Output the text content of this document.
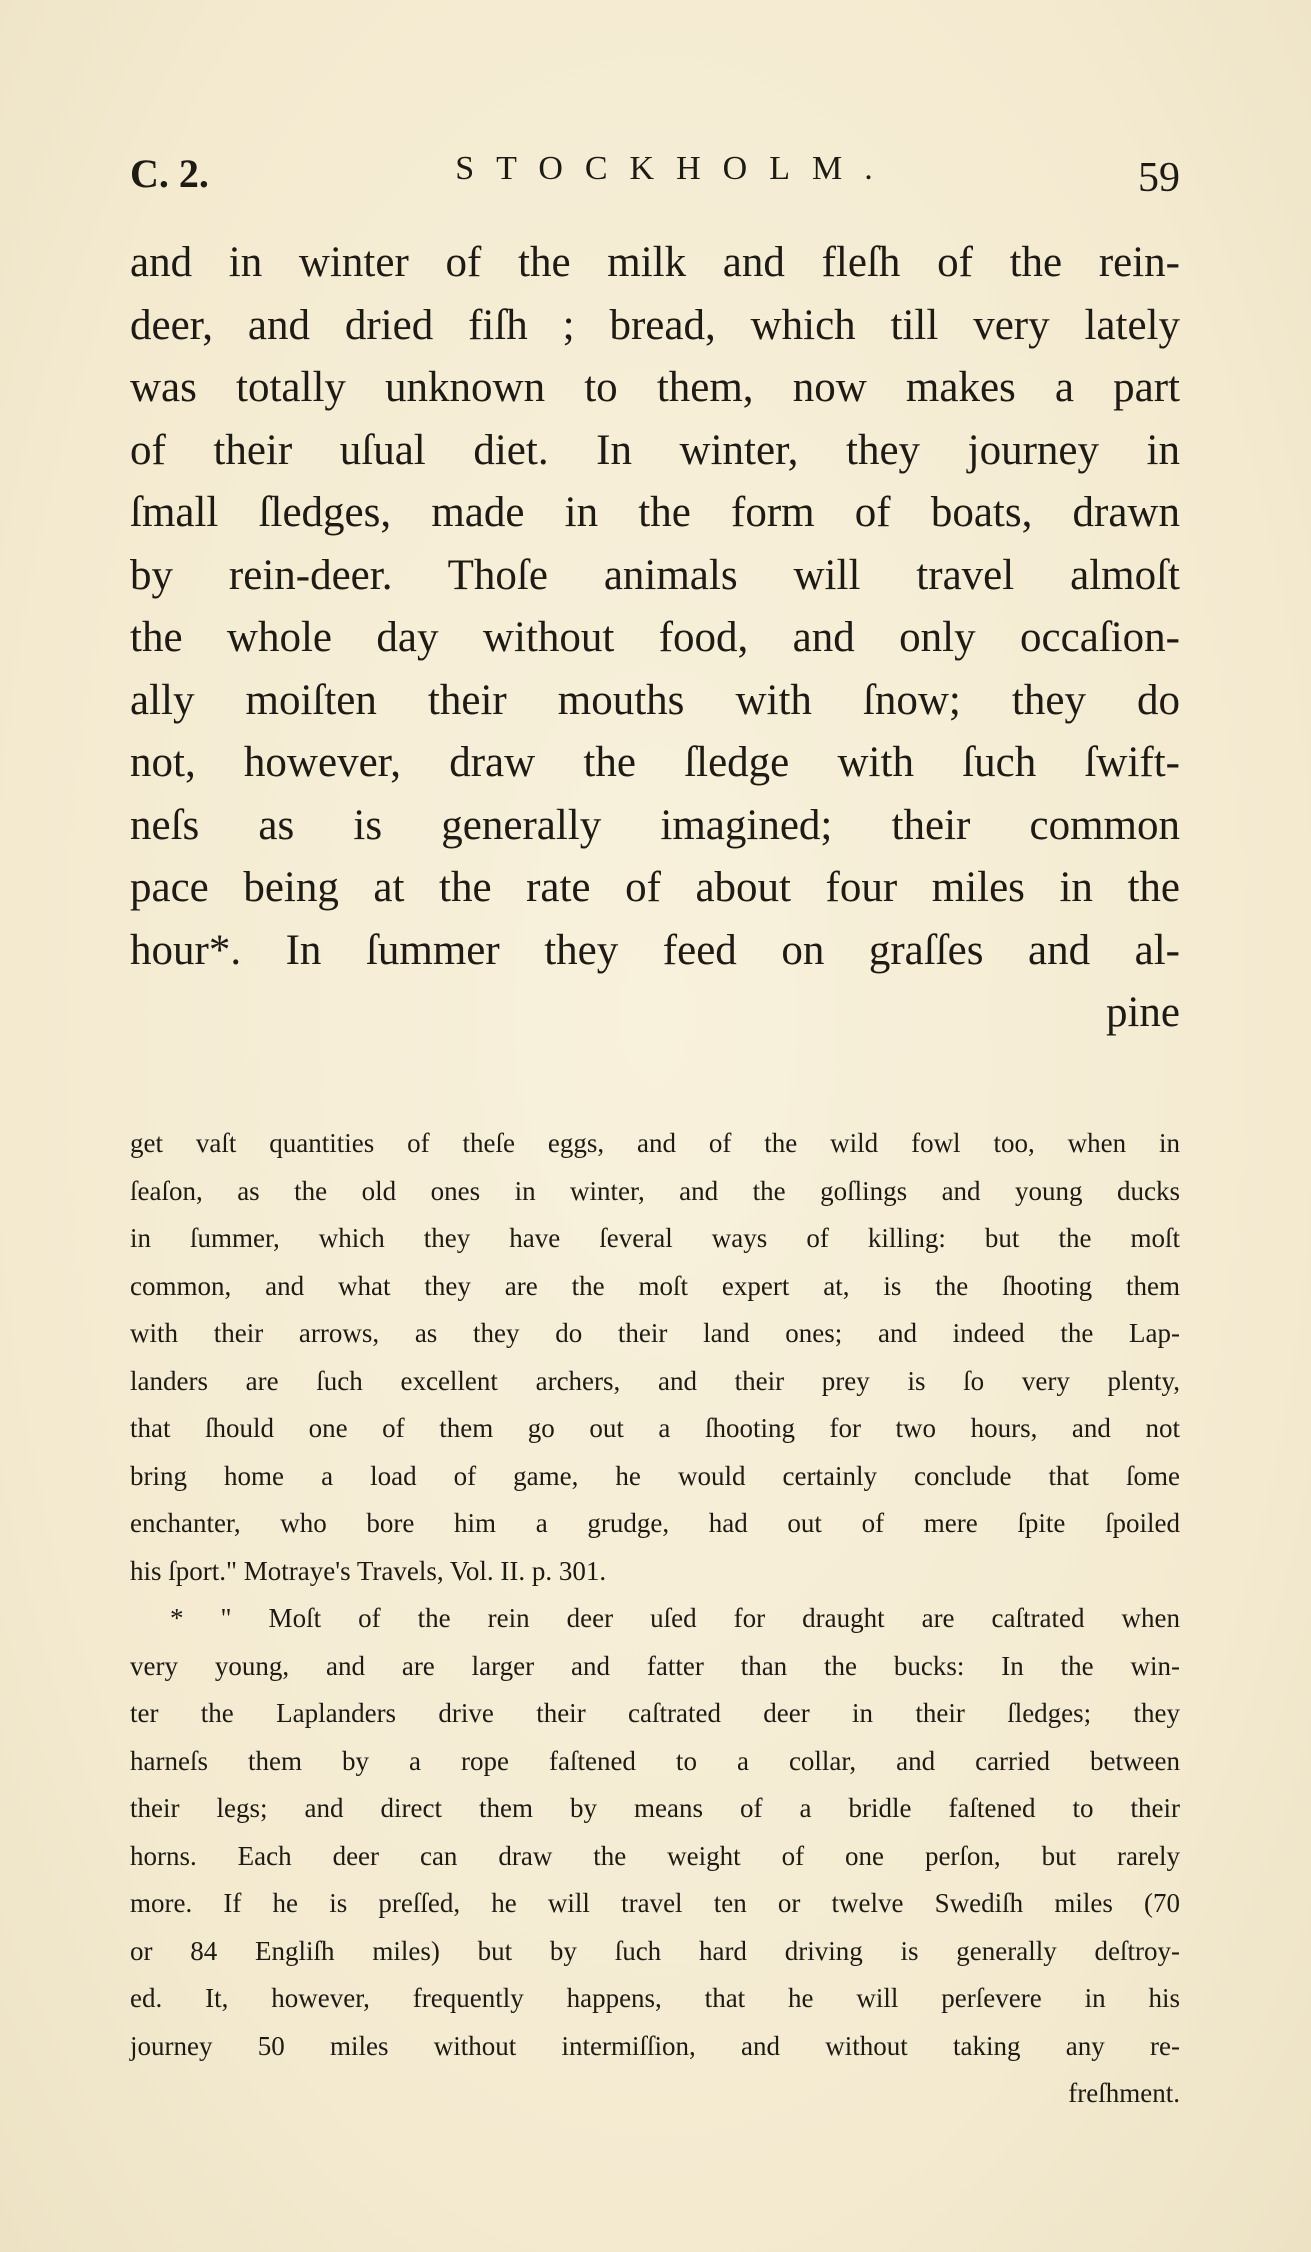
C. 2.	STOCKHOLM.	59
and in winter of the milk and fleſh of the rein-
deer, and dried fiſh ; bread, which till very lately
was totally unknown to them, now makes a part
of their uſual diet. In winter, they journey in
ſmall ſledges, made in the form of boats, drawn
by rein-deer. Thoſe animals will travel almoſt
the whole day without food, and only occaſion-
ally moiſten their mouths with ſnow; they do
not, however, draw the ſledge with ſuch ſwift-
neſs as is generally imagined; their common
pace being at the rate of about four miles in the
hour*. In ſummer they feed on graſſes and al-
pine
get vaſt quantities of theſe eggs, and of the wild fowl too, when in
ſeaſon, as the old ones in winter, and the goſlings and young ducks
in ſummer, which they have ſeveral ways of killing: but the moſt
common, and what they are the moſt expert at, is the ſhooting them
with their arrows, as they do their land ones; and indeed the Lap-
landers are ſuch excellent archers, and their prey is ſo very plenty,
that ſhould one of them go out a ſhooting for two hours, and not
bring home a load of game, he would certainly conclude that ſome
enchanter, who bore him a grudge, had out of mere ſpite ſpoiled
his ſport." Motraye's Travels, Vol. II. p. 301.
* " Moſt of the rein deer uſed for draught are caſtrated when
very young, and are larger and fatter than the bucks: In the win-
ter the Laplanders drive their caſtrated deer in their ſledges; they
harneſs them by a rope faſtened to a collar, and carried between
their legs; and direct them by means of a bridle faſtened to their
horns. Each deer can draw the weight of one perſon, but rarely
more. If he is preſſed, he will travel ten or twelve Swediſh miles (70
or 84 Engliſh miles) but by ſuch hard driving is generally deſtroy-
ed. It, however, frequently happens, that he will perſevere in his
journey 50 miles without intermiſſion, and without taking any re-
freſhment.
